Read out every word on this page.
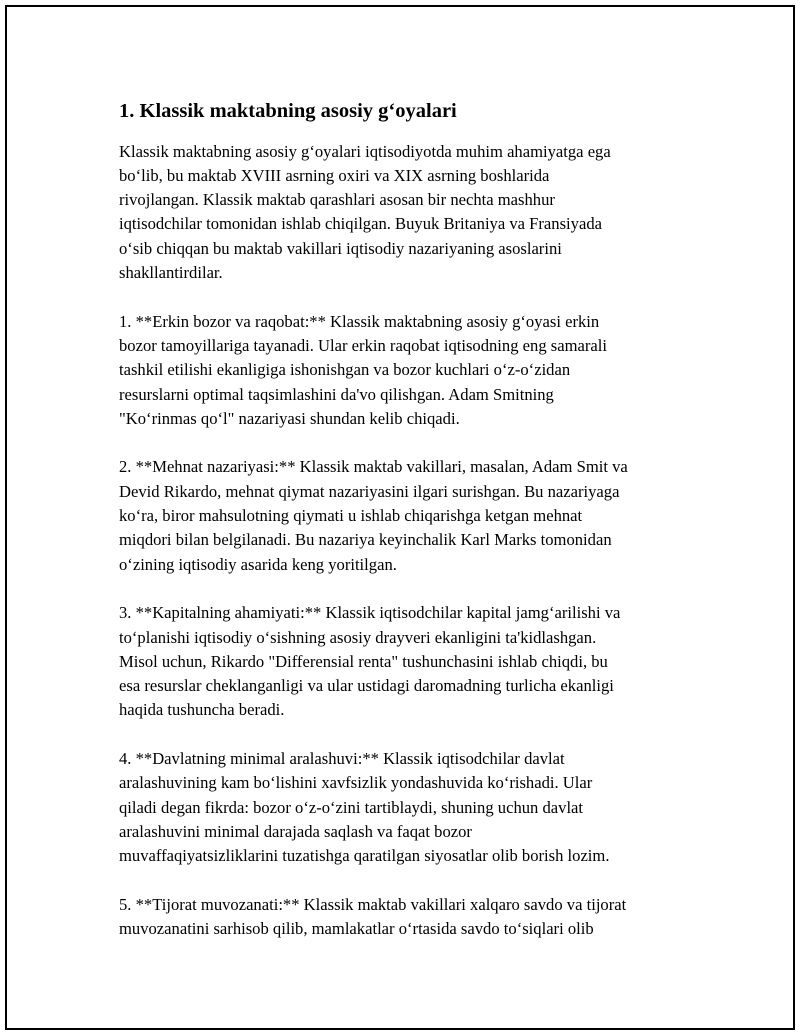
1. Klassik maktabning asosiy g‘oyalari

Klassik maktabning asosiy g‘oyalari iqtisodiyotda muhim ahamiyatga ega
bo‘lib, bu maktab XVIII asrning oxiri va XIX asrning boshlarida
rivojlangan. Klassik maktab qarashlari asosan bir nechta mashhur
iqtisodchilar tomonidan ishlab chiqilgan. Buyuk Britaniya va Fransiyada
o‘sib chiqqan bu maktab vakillari iqtisodiy nazariyaning asoslarini
shakllantirdilar.

1. **Erkin bozor va raqobat:** Klassik maktabning asosiy g‘oyasi erkin
bozor tamoyillariga tayanadi. Ular erkin raqobat iqtisodning eng samarali
tashkil etilishi ekanligiga ishonishgan va bozor kuchlari o‘z-o‘zidan
resurslarni optimal taqsimlashini da'vo qilishgan. Adam Smitning
"Ko‘rinmas qo‘l" nazariyasi shundan kelib chiqadi.

2. **Mehnat nazariyasi:** Klassik maktab vakillari, masalan, Adam Smit va
Devid Rikardo, mehnat qiymat nazariyasini ilgari surishgan. Bu nazariyaga
ko‘ra, biror mahsulotning qiymati u ishlab chiqarishga ketgan mehnat
miqdori bilan belgilanadi. Bu nazariya keyinchalik Karl Marks tomonidan
o‘zining iqtisodiy asarida keng yoritilgan.

3. **Kapitalning ahamiyati:** Klassik iqtisodchilar kapital jamg‘arilishi va
to‘planishi iqtisodiy o‘sishning asosiy drayveri ekanligini ta'kidlashgan.
Misol uchun, Rikardo "Differensial renta" tushunchasini ishlab chiqdi, bu
esa resurslar cheklanganligi va ular ustidagi daromadning turlicha ekanligi
haqida tushuncha beradi.

4. **Davlatning minimal aralashuvi:** Klassik iqtisodchilar davlat
aralashuvining kam bo‘lishini xavfsizlik yondashuvida ko‘rishadi. Ular
qiladi degan fikrda: bozor o‘z-o‘zini tartiblaydi, shuning uchun davlat
aralashuvini minimal darajada saqlash va faqat bozor
muvaffaqiyatsizliklarini tuzatishga qaratilgan siyosatlar olib borish lozim.

5. **Tijorat muvozanati:** Klassik maktab vakillari xalqaro savdo va tijorat
muvozanatini sarhisob qilib, mamlakatlar o‘rtasida savdo to‘siqlari olib
